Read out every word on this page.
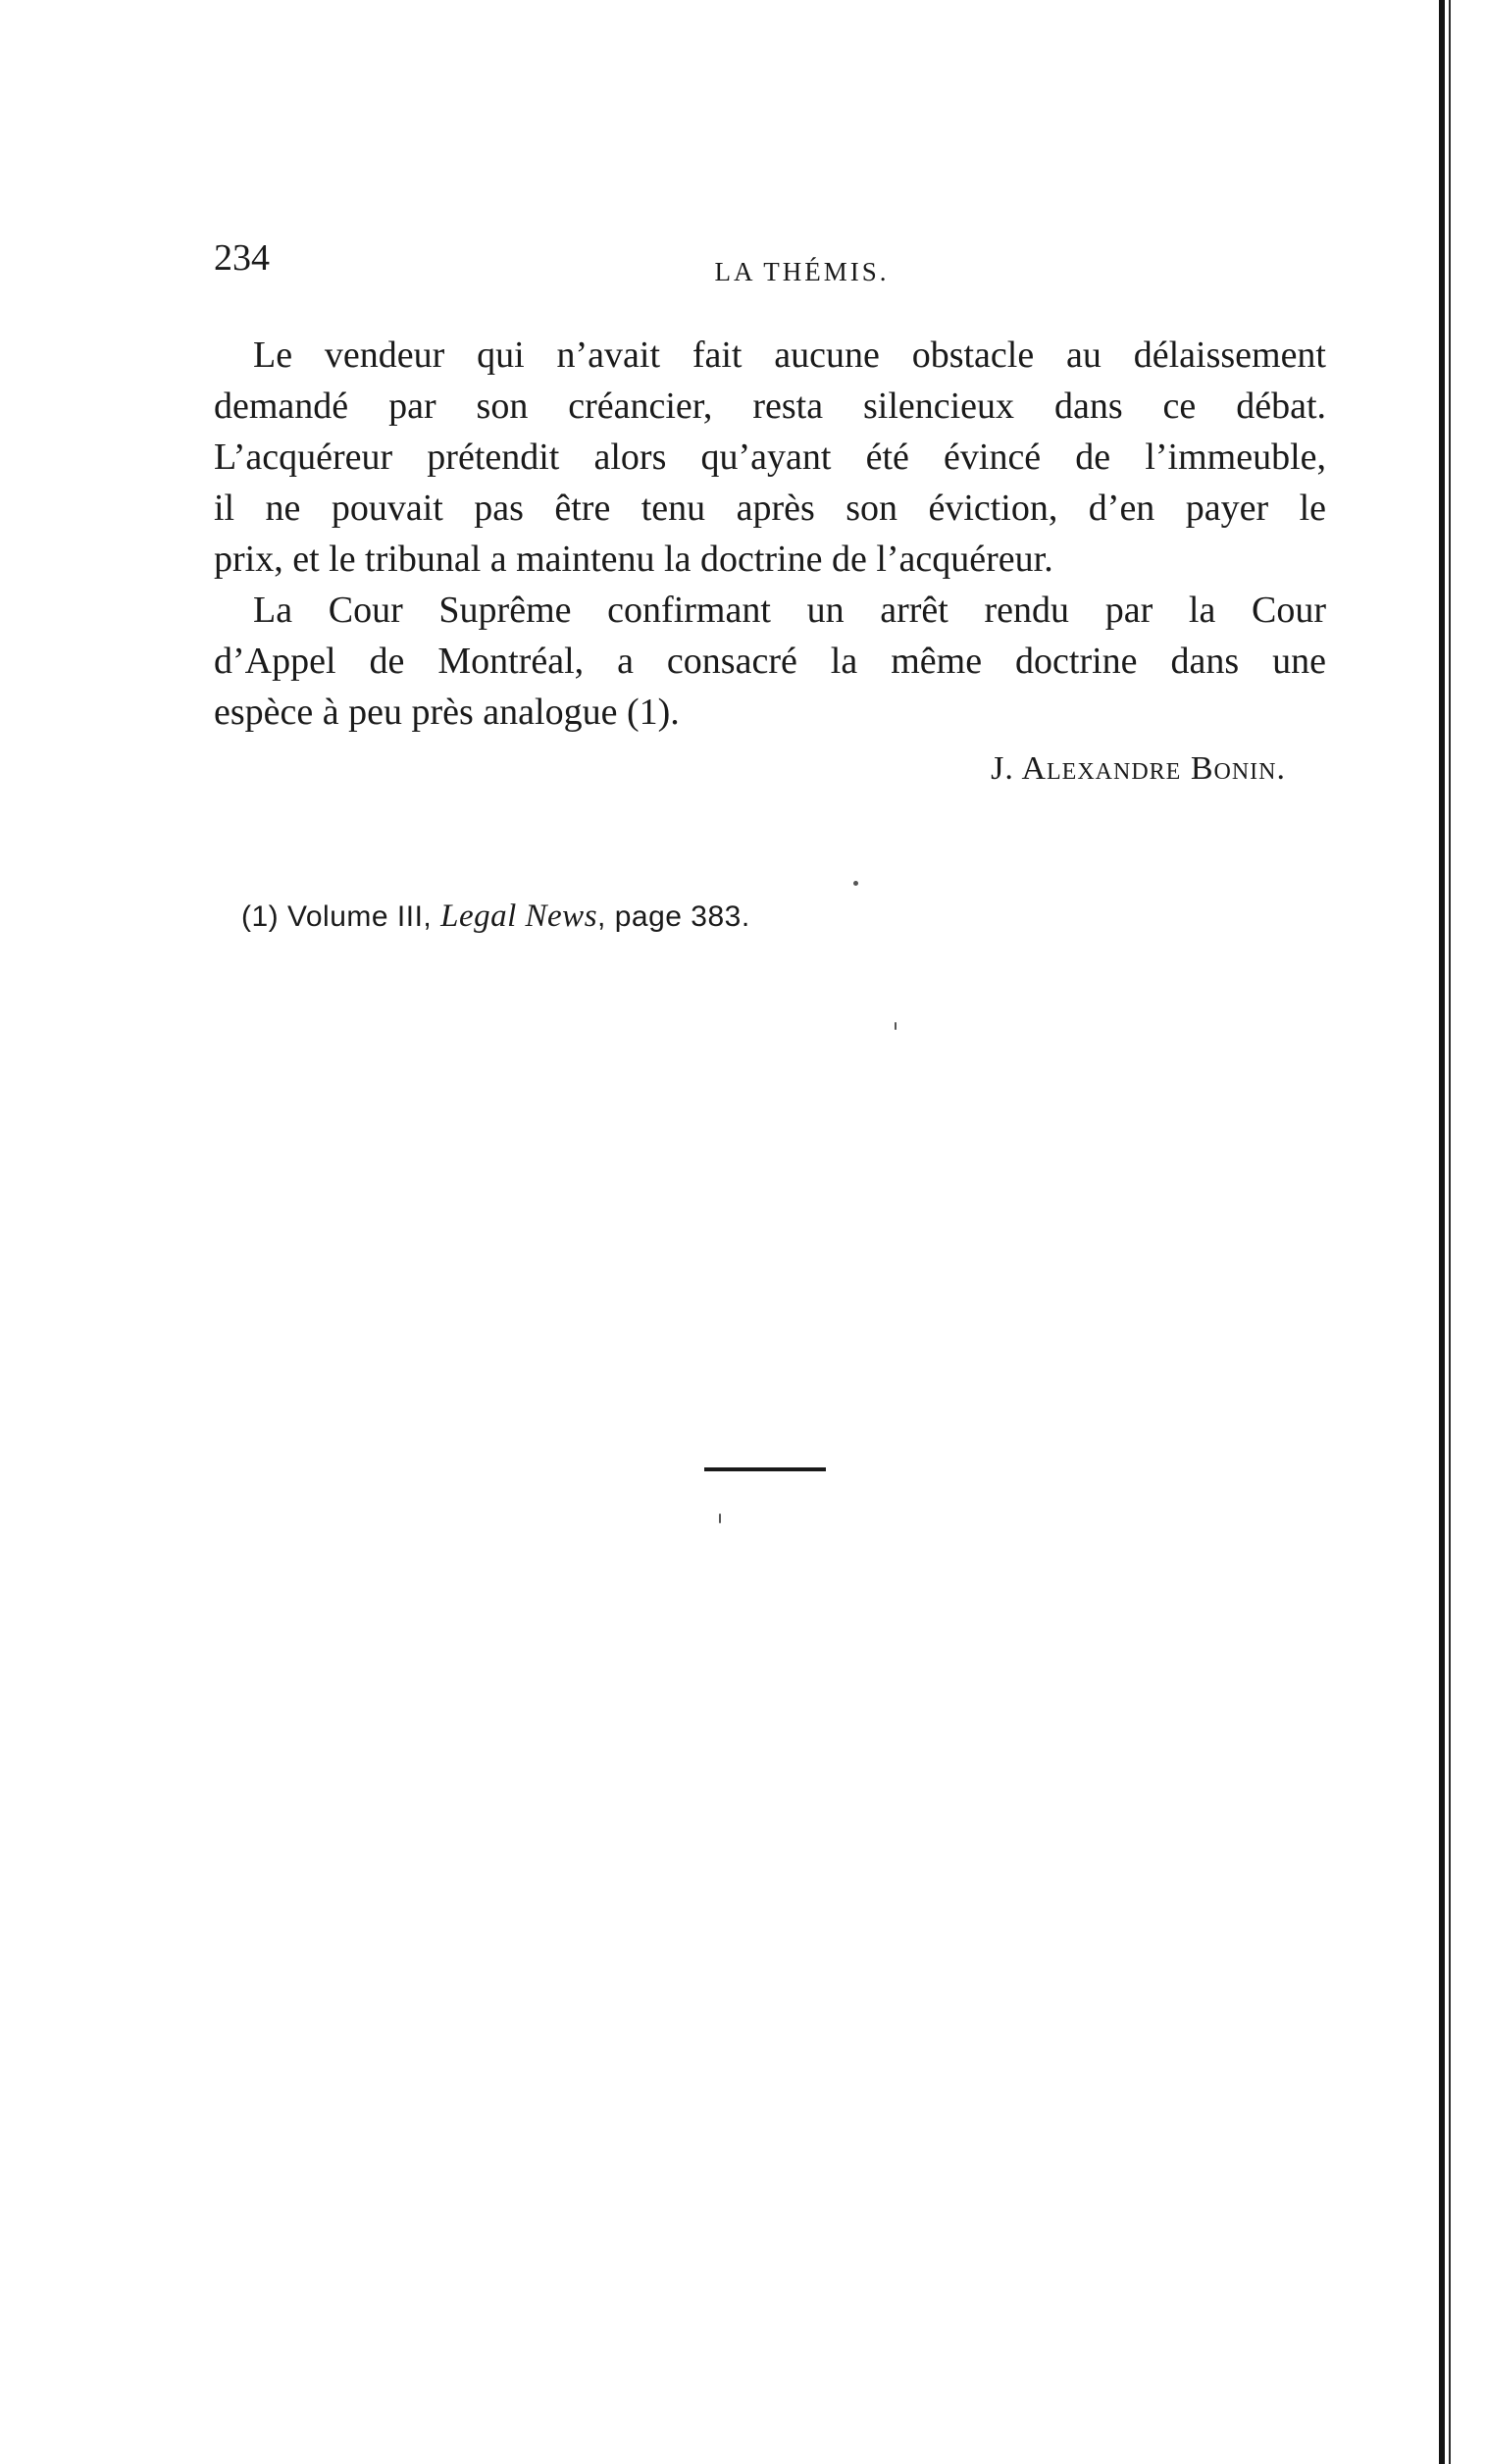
234	LA THÉMIS.
Le vendeur qui n’avait fait aucune obstacle au délaissement
demandé par son créancier, resta silencieux dans ce débat.
L’acquéreur prétendit alors qu’ayant été évincé de l’immeuble,
il ne pouvait pas être tenu après son éviction, d’en payer le
prix, et le tribunal a maintenu la doctrine de l’acquéreur.
La Cour Suprême confirmant un arrêt rendu par la Cour
d’Appel de Montréal, a consacré la même doctrine dans une
espèce à peu près analogue (1).
J. Alexandre Bonin.
(1) Volume III, Legal News, page 383.
